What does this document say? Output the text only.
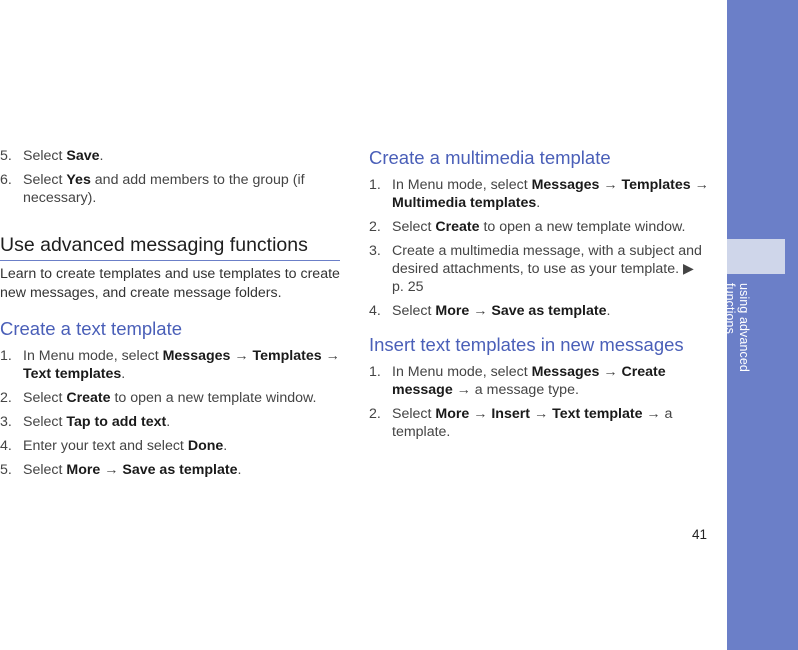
5. Select Save.
6. Select Yes and add members to the group (if necessary).
Use advanced messaging functions

Learn to create templates and use templates to create new messages, and create message folders.

Create a text template
1. In Menu mode, select Messages → Templates → Text templates.
2. Select Create to open a new template window.
3. Select Tap to add text.
4. Enter your text and select Done.
5. Select More → Save as template.
Create a multimedia template
1. In Menu mode, select Messages → Templates → Multimedia templates.
2. Select Create to open a new template window.
3. Create a multimedia message, with a subject and desired attachments, to use as your template. ▶ p. 25
4. Select More → Save as template.
Insert text templates in new messages
1. In Menu mode, select Messages → Create message → a message type.
2. Select More → Insert → Text template → a template.
using advanced functions
41
